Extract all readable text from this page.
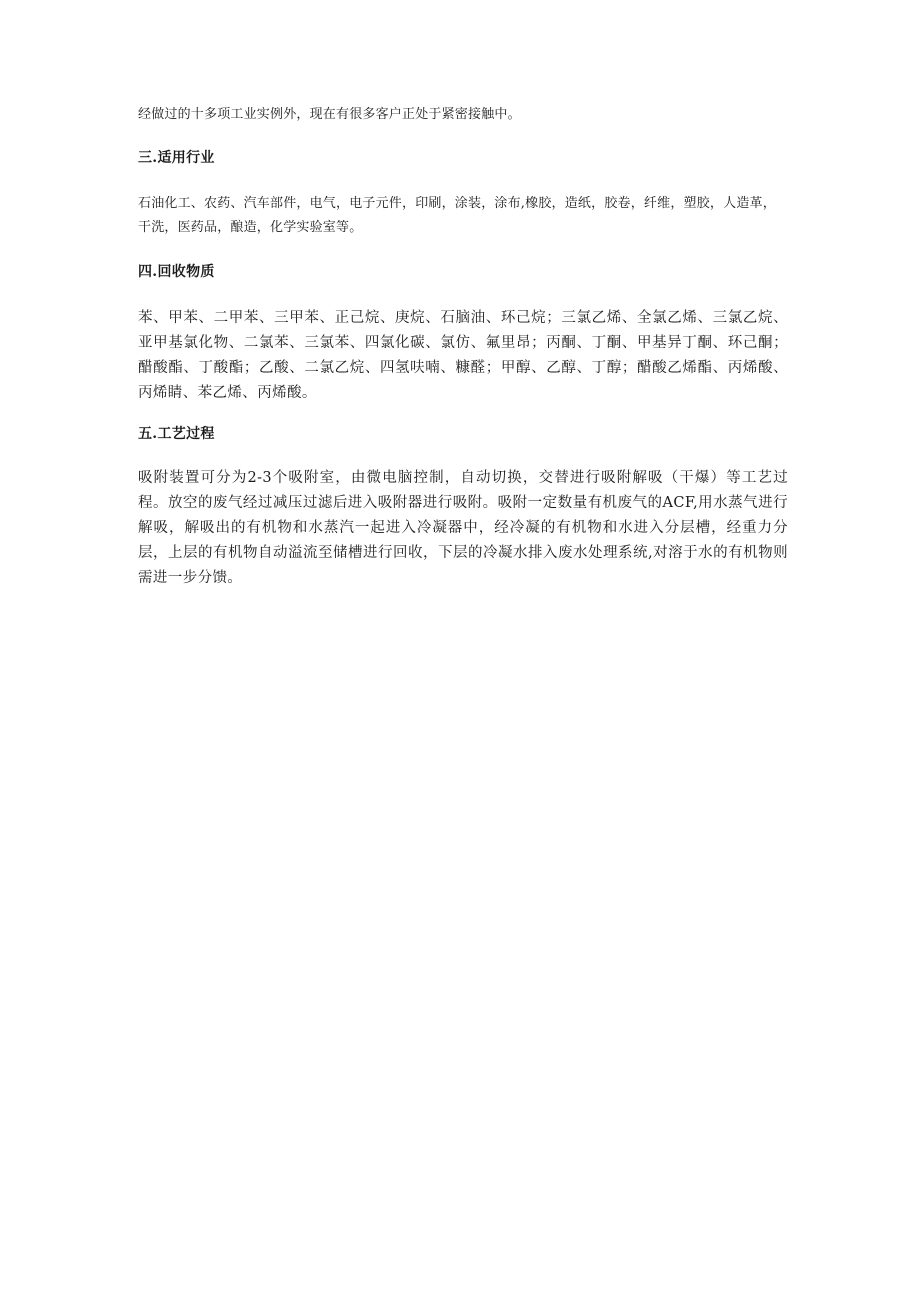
经做过的十多项工业实例外，现在有很多客户正处于紧密接触中。

三.适用行业

石油化工、农药、汽车部件，电气，电子元件，印刷，涂装，涂布,橡胶，造纸，胶卷，纤维，塑胶，人造革，干洗，医药品，酿造，化学实验室等。

四.回收物质

苯、甲苯、二甲苯、三甲苯、正己烷、庚烷、石脑油、环己烷；三氯乙烯、全氯乙烯、三氯乙烷、亚甲基氯化物、二氯苯、三氯苯、四氯化碳、氯仿、氟里昂；丙酮、丁酮、甲基异丁酮、环己酮；醋酸酯、丁酸酯；乙酸、二氯乙烷、四氢呋喃、糠醛；甲醇、乙醇、丁醇；醋酸乙烯酯、丙烯酸、丙烯睛、苯乙烯、丙烯酸。

五.工艺过程

吸附装置可分为2-3个吸附室，由微电脑控制，自动切换，交替进行吸附解吸（干爆）等工艺过程。放空的废气经过减压过滤后进入吸附器进行吸附。吸附一定数量有机废气的ACF,用水蒸气进行解吸，解吸出的有机物和水蒸汽一起进入冷凝器中，经冷凝的有机物和水进入分层槽，经重力分层，上层的有机物自动溢流至储槽进行回收，下层的冷凝水排入废水处理系统,对溶于水的有机物则需进一步分馈。
